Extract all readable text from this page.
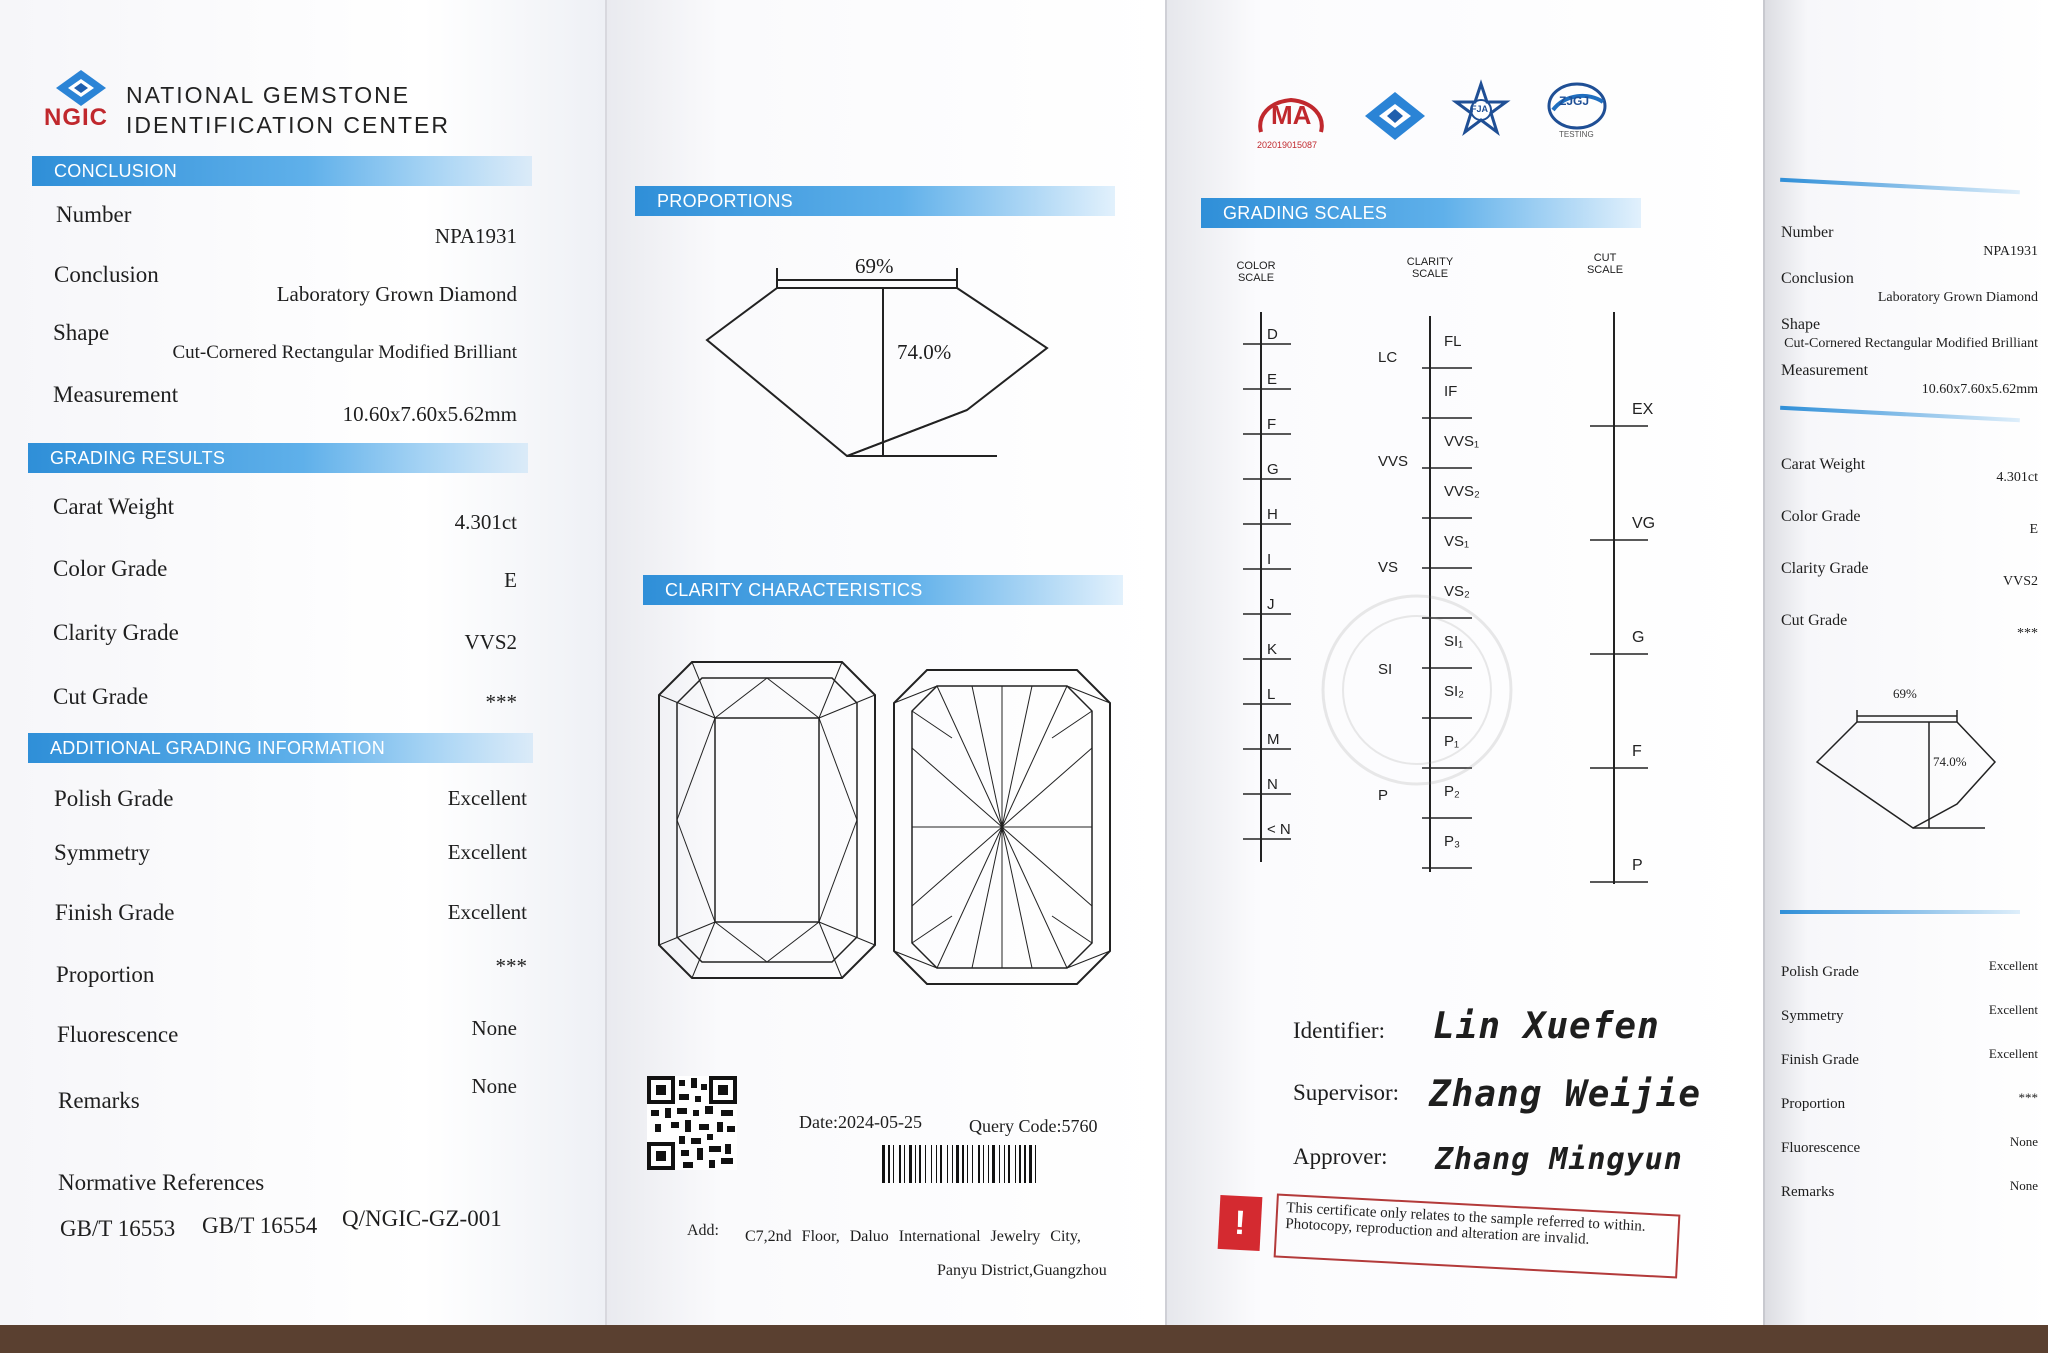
NGIC
NATIONAL GEMSTONE
IDENTIFICATION CENTER
CONCLUSION
Number
NPA1931
Conclusion
Laboratory Grown Diamond
Shape
Cut-Cornered Rectangular Modified Brilliant
Measurement
10.60x7.60x5.62mm
GRADING RESULTS
Carat Weight
4.301ct
Color Grade	E
Clarity Grade	VVS2
Cut Grade	***
ADDITIONAL GRADING INFORMATION
Polish Grade	Excellent
Symmetry	Excellent
Finish Grade	Excellent
Proportion	***
Fluorescence	None
Remarks
None
Normative References
GB/T 16553 GB/T 16554 Q/NGIC-GZ-001
PROPORTIONS
69%
74.0%
CLARITY CHARACTERISTICS
Date:2024-05-25	Query Code:5760
Add: C7,2nd Floor, Daluo International Jewelry City,
Panyu District,Guangzhou
MA
202019015087
FJA
ZJGJ
TESTING
GRADING SCALES
COLOR
SCALE
CLARITY
SCALE
CUT
SCALE
D
E
F
G
H
I
J
K
L
M
N
< N
FL
IF
VVS₁
VVS₂
VS₁
VS₂
SI₁
SI₂
P₁
P₂
P₃
LC
VVS
VS
SI
P
EX
VG
G
F
P
Identifier: Lin Xuefen
Supervisor: Zhang Weijie
Approver: Zhang Mingyun
!	This certificate only relates to the sample referred to within. Photocopy, reproduction and alteration are invalid.
Number
NPA1931
Conclusion
Laboratory Grown Diamond
Shape
Cut-Cornered Rectangular Modified Brilliant
Measurement
10.60x7.60x5.62mm
Carat Weight
4.301ct
Color Grade
E
Clarity Grade
VVS2
Cut Grade
***
69%
74.0%
Polish Grade	Excellent
Symmetry	Excellent
Finish Grade	Excellent
Proportion	***
Fluorescence	None
Remarks	None
